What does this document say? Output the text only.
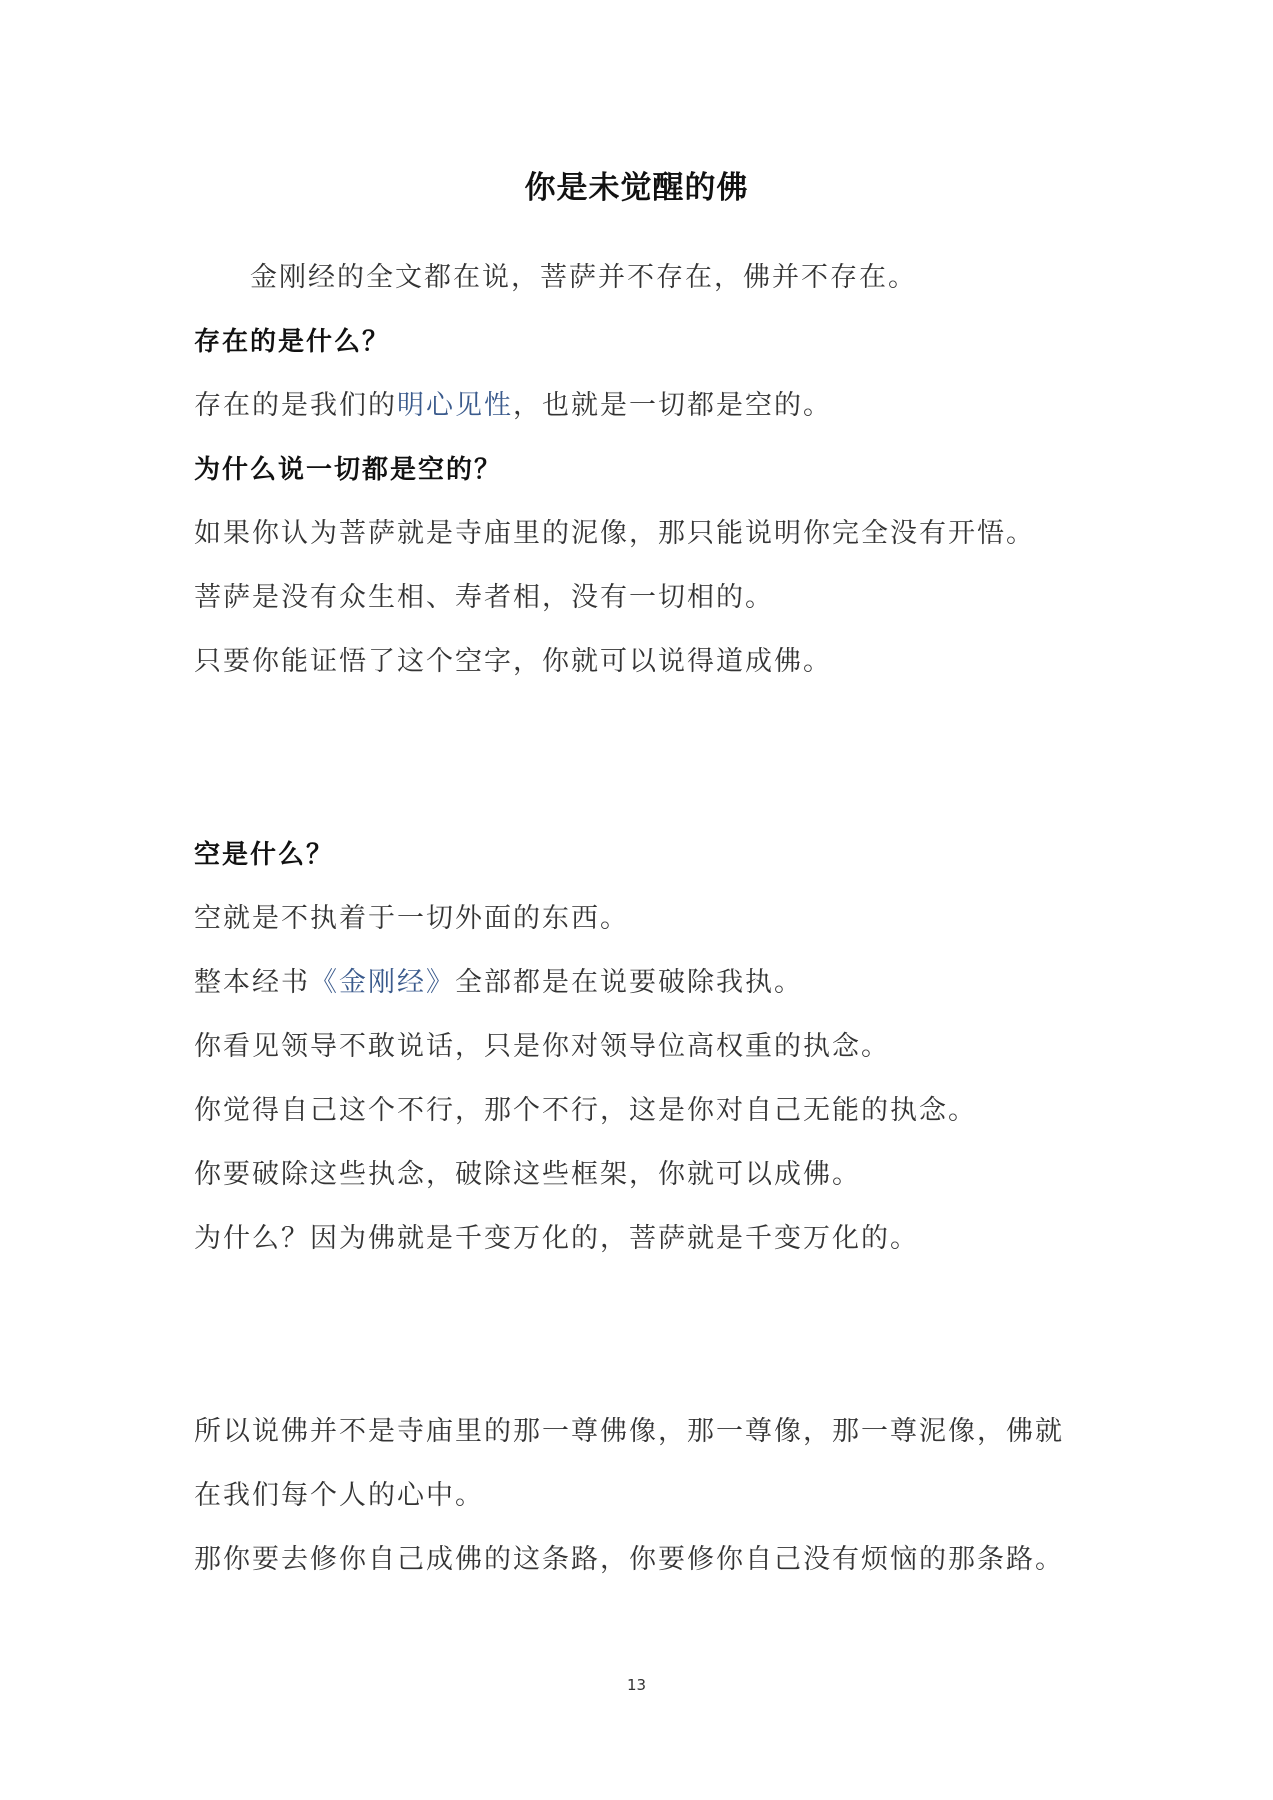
你是未觉醒的佛
金刚经的全文都在说，菩萨并不存在，佛并不存在。
存在的是什么？
存在的是我们的明心见性，也就是一切都是空的。
为什么说一切都是空的？
如果你认为菩萨就是寺庙里的泥像，那只能说明你完全没有开悟。
菩萨是没有众生相、寿者相，没有一切相的。
只要你能证悟了这个空字，你就可以说得道成佛。
空是什么？
空就是不执着于一切外面的东西。
整本经书《金刚经》全部都是在说要破除我执。
你看见领导不敢说话，只是你对领导位高权重的执念。
你觉得自己这个不行，那个不行，这是你对自己无能的执念。
你要破除这些执念，破除这些框架，你就可以成佛。
为什么？因为佛就是千变万化的，菩萨就是千变万化的。
所以说佛并不是寺庙里的那一尊佛像，那一尊像，那一尊泥像，佛就
在我们每个人的心中。
那你要去修你自己成佛的这条路，你要修你自己没有烦恼的那条路。
13
